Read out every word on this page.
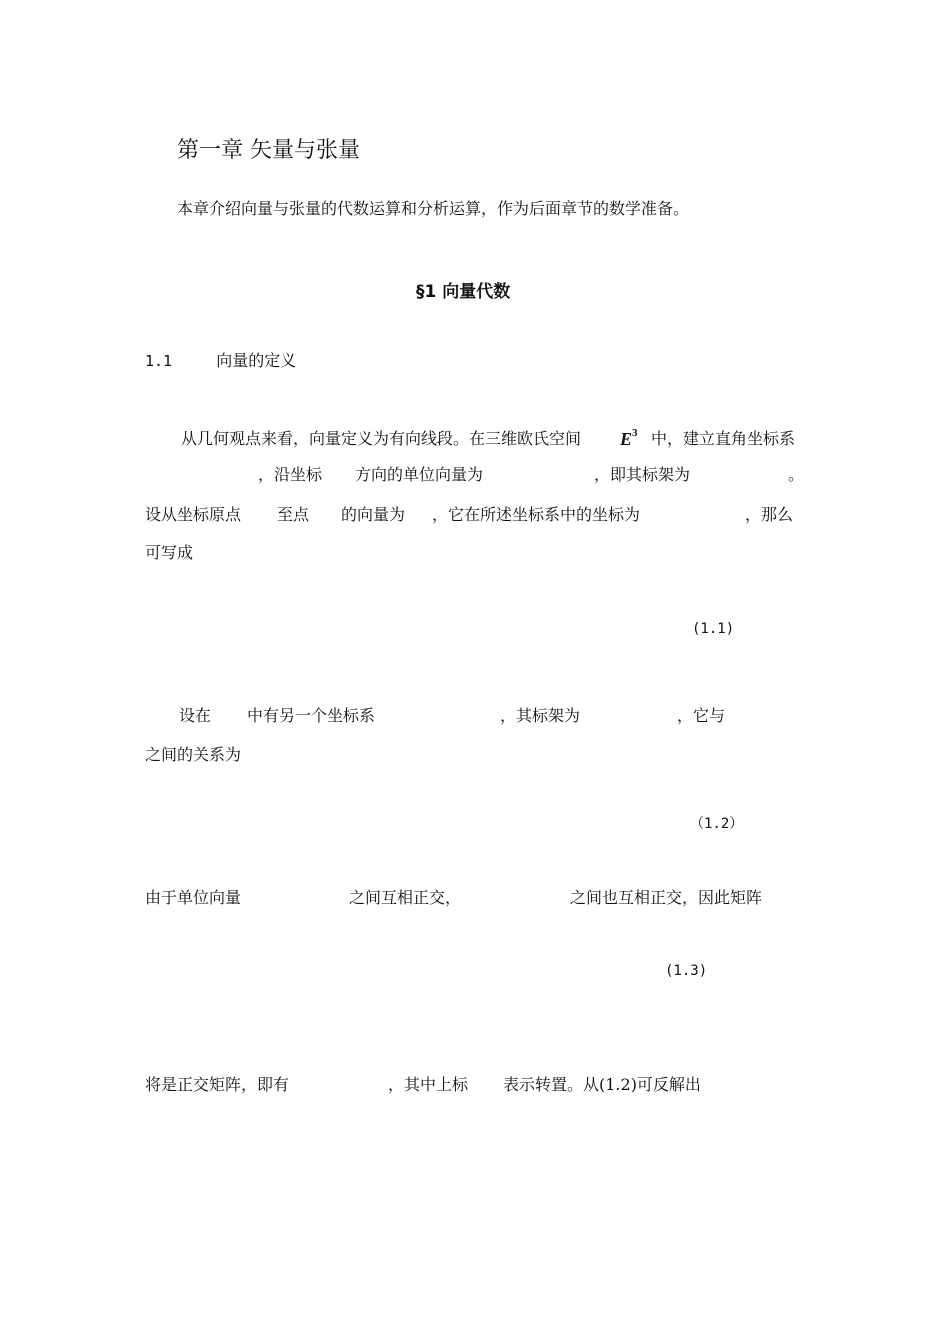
第一章 矢量与张量
本章介绍向量与张量的代数运算和分析运算，作为后面章节的数学准备。
§1 向量代数
1.1	向量的定义
从几何观点来看，向量定义为有向线段。在三维欧氏空间 $E^3$ 中，建立直角坐标系
，沿坐标 方向的单位向量为	，即其标架为	。
设从坐标原点 至点 的向量为 ，它在所述坐标系中的坐标为	，那么
可写成
(1.1)
设在 中有另一个坐标系	，其标架为	，它与
之间的关系为
（1.2）
由于单位向量	之间互相正交，	之间也互相正交，因此矩阵
(1.3)
将是正交矩阵，即有	，其中上标 表示转置。从(1.2)可反解出
